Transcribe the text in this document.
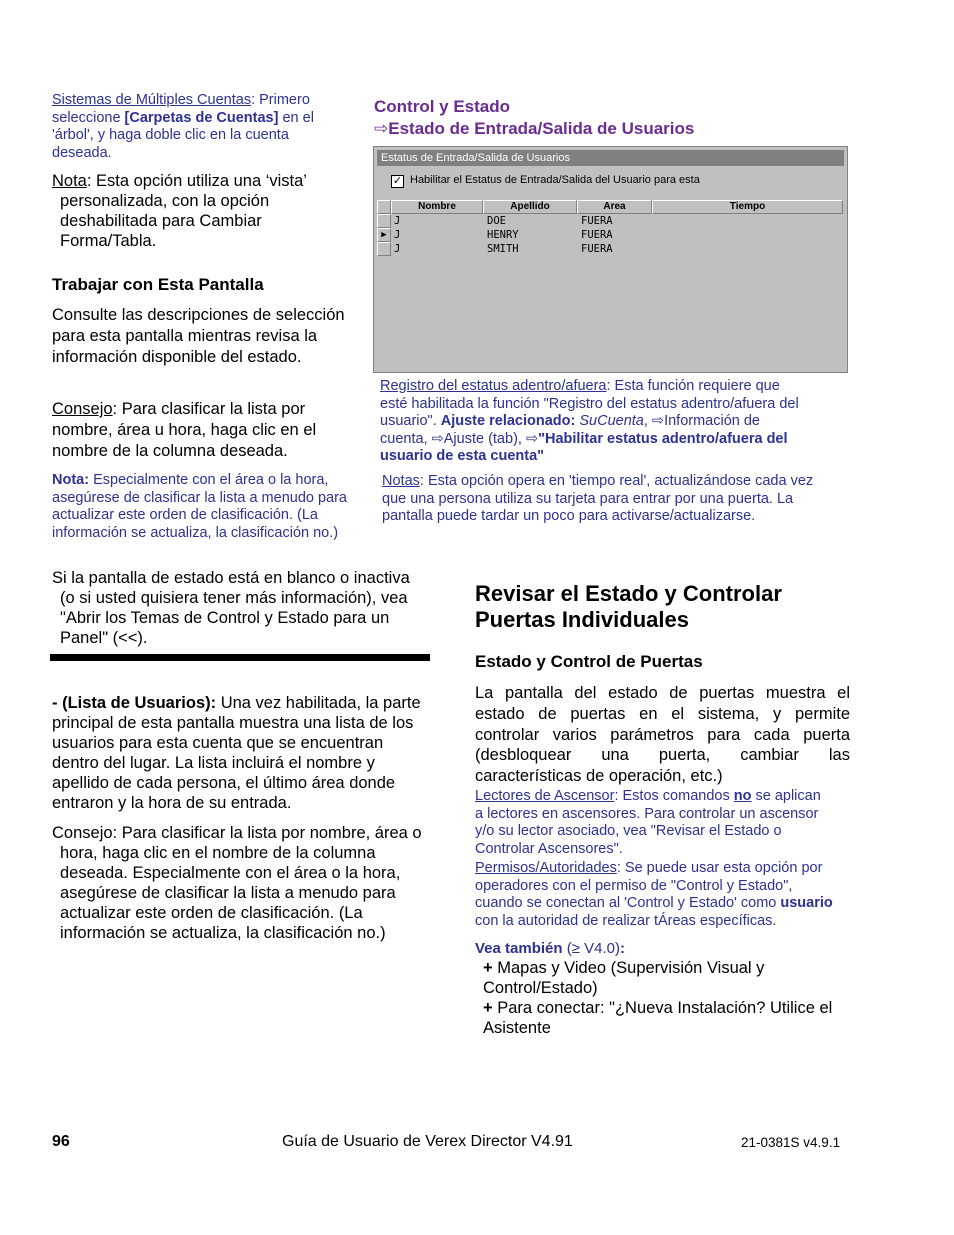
Sistemas de Múltiples Cuentas: Primero
seleccione [Carpetas de Cuentas] en el
'árbol', y haga doble clic en la cuenta
deseada.
Nota: Esta opción utiliza una ‘vista’ personalizada, con la opción deshabilitada para Cambiar Forma/Tabla.
Trabajar con Esta Pantalla
Consulte las descripciones de selección para esta pantalla mientras revisa la información disponible del estado.
Consejo: Para clasificar la lista por nombre, área u hora, haga clic en el nombre de la columna deseada.
Nota: Especialmente con el área o la hora, asegúrese de clasificar la lista a menudo para actualizar este orden de clasificación. (La información se actualiza, la clasificación no.)
Si la pantalla de estado está en blanco o inactiva (o si usted quisiera tener más información), vea "Abrir los Temas de Control y Estado para un Panel" (<<).
- (Lista de Usuarios): Una vez habilitada, la parte principal de esta pantalla muestra una lista de los usuarios para esta cuenta que se encuentran dentro del lugar. La lista incluirá el nombre y apellido de cada persona, el último área donde entraron y la hora de su entrada.
Consejo: Para clasificar la lista por nombre, área o hora, haga clic en el nombre de la columna deseada. Especialmente con el área o la hora, asegúrese de clasificar la lista a menudo para actualizar este orden de clasificación. (La información se actualiza, la clasificación no.)
Control y Estado
⇨Estado de Entrada/Salida de Usuarios
Estatus de Entrada/Salida de Usuarios
✓ Habilitar el Estatus de Entrada/Salida del Usuario para esta
Nombre	Apellido	Area	Tiempo
J	DOE	FUERA
▶ J	HENRY	FUERA
J	SMITH	FUERA
Registro del estatus adentro/afuera: Esta función requiere que
esté habilitada la función "Registro del estatus adentro/afuera del
usuario". Ajuste relacionado: SuCuenta, ⇨Información de
cuenta, ⇨Ajuste (tab), ⇨"Habilitar estatus adentro/afuera del
usuario de esta cuenta"
Notas: Esta opción opera en 'tiempo real', actualizándose cada vez
que una persona utiliza su tarjeta para entrar por una puerta. La
pantalla puede tardar un poco para activarse/actualizarse.
Revisar el Estado y Controlar
Puertas Individuales
Estado y Control de Puertas
La pantalla del estado de puertas muestra el estado de puertas en el sistema, y permite controlar varios parámetros para cada puerta (desbloquear una puerta, cambiar las características de operación, etc.)
Lectores de Ascensor: Estos comandos no se aplican
a lectores en ascensores. Para controlar un ascensor
y/o su lector asociado, vea "Revisar el Estado o
Controlar Ascensores".
Permisos/Autoridades: Se puede usar esta opción por
operadores con el permiso de "Control y Estado",
cuando se conectan al 'Control y Estado' como usuario
con la autoridad de realizar tÁreas específicas.
Vea también (≥ V4.0):
+ Mapas y Video (Supervisión Visual y
Control/Estado)
+ Para conectar: "¿Nueva Instalación? Utilice el
Asistente
96	Guía de Usuario de Verex Director V4.91	21-0381S v4.9.1
